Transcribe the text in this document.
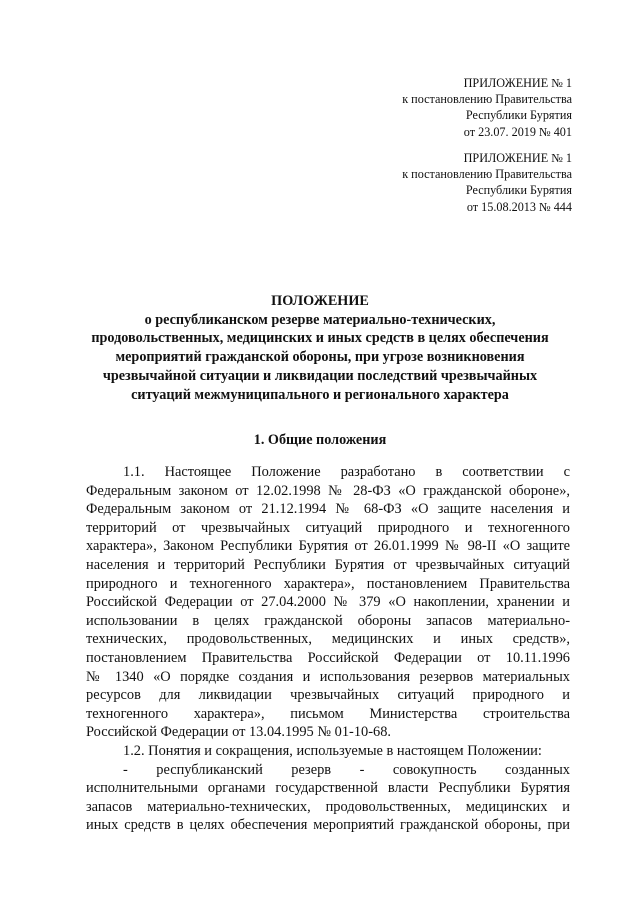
ПРИЛОЖЕНИЕ № 1
к постановлению Правительства
Республики Бурятия
от 23.07. 2019 № 401
ПРИЛОЖЕНИЕ № 1
к постановлению Правительства
Республики Бурятия
от 15.08.2013 № 444
ПОЛОЖЕНИЕ
о республиканском резерве материально-технических,
продовольственных, медицинских и иных средств в целях обеспечения
мероприятий гражданской обороны, при угрозе возникновения
чрезвычайной ситуации и ликвидации последствий чрезвычайных
ситуаций межмуниципального и регионального характера
1. Общие положения
1.1. Настоящее Положение разработано в соответствии с
Федеральным законом от 12.02.1998 № 28-ФЗ «О гражданской обороне»,
Федеральным законом от 21.12.1994 № 68-ФЗ «О защите населения и
территорий от чрезвычайных ситуаций природного и техногенного
характера», Законом Республики Бурятия от 26.01.1999 № 98-II «О защите
населения и территорий Республики Бурятия от чрезвычайных ситуаций
природного и техногенного характера», постановлением Правительства
Российской Федерации от 27.04.2000 № 379 «О накоплении, хранении и
использовании в целях гражданской обороны запасов материально-
технических, продовольственных, медицинских и иных средств»,
постановлением Правительства Российской Федерации от 10.11.1996
№ 1340 «О порядке создания и использования резервов материальных
ресурсов для ликвидации чрезвычайных ситуаций природного и
техногенного характера», письмом Министерства строительства
Российской Федерации от 13.04.1995 № 01-10-68.
1.2. Понятия и сокращения, используемые в настоящем Положении:
- республиканский резерв - совокупность созданных
исполнительными органами государственной власти Республики Бурятия
запасов материально-технических, продовольственных, медицинских и
иных средств в целях обеспечения мероприятий гражданской обороны, при
